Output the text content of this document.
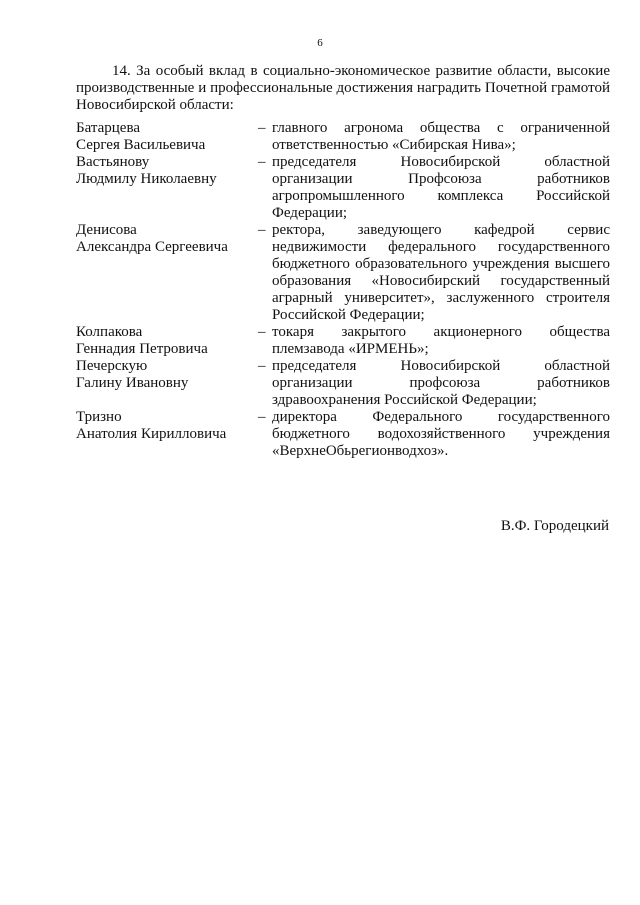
6

14. За особый вклад в социально-экономическое развитие области, высокие производственные и профессиональные достижения наградить Почетной грамотой Новосибирской области:

Батарцева
Сергея Васильевича
– главного агронома общества с ограниченной ответственностью «Сибирская Нива»;
Вастьянову
Людмилу Николаевну
– председателя Новосибирской областной организации Профсоюза работников агропромышленного комплекса Российской Федерации;
Денисова
Александра Сергеевича
– ректора, заведующего кафедрой сервис недвижимости федерального государственного бюджетного образовательного учреждения высшего образования «Новосибирский государственный аграрный университет», заслуженного строителя Российской Федерации;
Колпакова
Геннадия Петровича
– токаря закрытого акционерного общества племзавода «ИРМЕНЬ»;
Печерскую
Галину Ивановну
– председателя Новосибирской областной организации профсоюза работников здравоохранения Российской Федерации;
Тризно
Анатолия Кирилловича
– директора Федерального государственного бюджетного водохозяйственного учреждения «ВерхнеОбьрегионводхоз».
В.Ф. Городецкий
